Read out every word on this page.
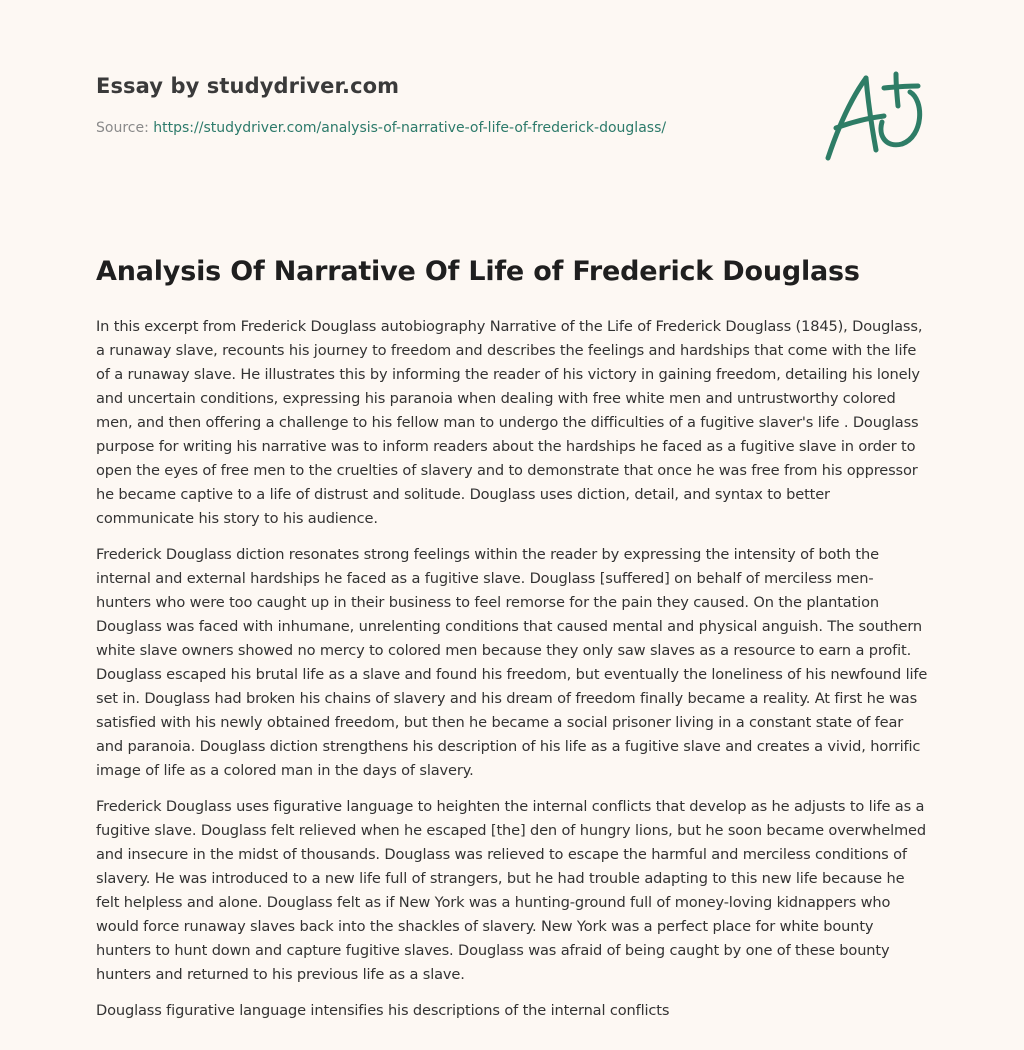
Essay by studydriver.com
Source: https://studydriver.com/analysis-of-narrative-of-life-of-frederick-douglass/
Analysis Of Narrative Of Life of Frederick Douglass

In this excerpt from Frederick Douglass autobiography Narrative of the Life of Frederick Douglass (1845), Douglass, a runaway slave, recounts his journey to freedom and describes the feelings and hardships that come with the life of a runaway slave. He illustrates this by informing the reader of his victory in gaining freedom, detailing his lonely and uncertain conditions, expressing his paranoia when dealing with free white men and untrustworthy colored men, and then offering a challenge to his fellow man to undergo the difficulties of a fugitive slaver's life . Douglass purpose for writing his narrative was to inform readers about the hardships he faced as a fugitive slave in order to open the eyes of free men to the cruelties of slavery and to demonstrate that once he was free from his oppressor he became captive to a life of distrust and solitude. Douglass uses diction, detail, and syntax to better communicate his story to his audience.

Frederick Douglass diction resonates strong feelings within the reader by expressing the intensity of both the internal and external hardships he faced as a fugitive slave. Douglass [suffered] on behalf of merciless men-hunters who were too caught up in their business to feel remorse for the pain they caused. On the plantation Douglass was faced with inhumane, unrelenting conditions that caused mental and physical anguish. The southern white slave owners showed no mercy to colored men because they only saw slaves as a resource to earn a profit. Douglass escaped his brutal life as a slave and found his freedom, but eventually the loneliness of his newfound life set in. Douglass had broken his chains of slavery and his dream of freedom finally became a reality. At first he was satisfied with his newly obtained freedom, but then he became a social prisoner living in a constant state of fear and paranoia. Douglass diction strengthens his description of his life as a fugitive slave and creates a vivid, horrific image of life as a colored man in the days of slavery.

Frederick Douglass uses figurative language to heighten the internal conflicts that develop as he adjusts to life as a fugitive slave. Douglass felt relieved when he escaped [the] den of hungry lions, but he soon became overwhelmed and insecure in the midst of thousands. Douglass was relieved to escape the harmful and merciless conditions of slavery. He was introduced to a new life full of strangers, but he had trouble adapting to this new life because he felt helpless and alone. Douglass felt as if New York was a hunting-ground full of money-loving kidnappers who would force runaway slaves back into the shackles of slavery. New York was a perfect place for white bounty hunters to hunt down and capture fugitive slaves. Douglass was afraid of being caught by one of these bounty hunters and returned to his previous life as a slave.

Douglass figurative language intensifies his descriptions of the internal conflicts
